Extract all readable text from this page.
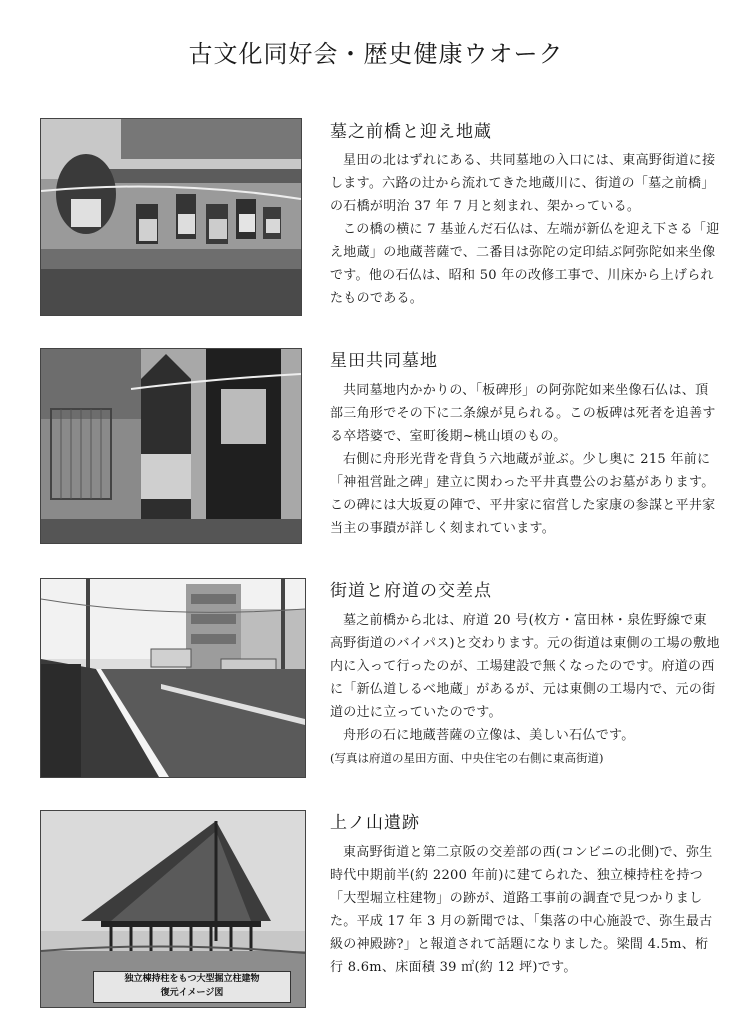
古文化同好会・歴史健康ウオーク
墓之前橋と迎え地蔵

星田の北はずれにある、共同墓地の入口には、東高野街道に接します。六路の辻から流れてきた地蔵川に、街道の「墓之前橋」の石橋が明治 37 年 7 月と刻まれ、架かっている。

この橋の横に 7 基並んだ石仏は、左端が新仏を迎え下さる「迎え地蔵」の地蔵菩薩で、二番目は弥陀の定印結ぶ阿弥陀如来坐像です。他の石仏は、昭和 50 年の改修工事で、川床から上げられたものである。

星田共同墓地

共同墓地内かかりの、「板碑形」の阿弥陀如来坐像石仏は、頂部三角形でその下に二条線が見られる。この板碑は死者を追善する卒塔婆で、室町後期~桃山頃のもの。

右側に舟形光背を背負う六地蔵が並ぶ。少し奥に 215 年前に「神祖営趾之碑」建立に関わった平井真豊公のお墓があります。この碑には大坂夏の陣で、平井家に宿営した家康の参謀と平井家当主の事蹟が詳しく刻まれています。

街道と府道の交差点

墓之前橋から北は、府道 20 号(枚方・富田林・泉佐野線で東高野街道のバイパス)と交わります。元の街道は東側の工場の敷地内に入って行ったのが、工場建設で無くなったのです。府道の西に「新仏道しるべ地蔵」があるが、元は東側の工場内で、元の街道の辻に立っていたのです。

舟形の石に地蔵菩薩の立像は、美しい石仏です。

(写真は府道の星田方面、中央住宅の右側に東高街道)

独立棟持柱をもつ大型掘立柱建物
復元イメージ図
上ノ山遺跡

東高野街道と第二京阪の交差部の西(コンビニの北側)で、弥生時代中期前半(約 2200 年前)に建てられた、独立棟持柱を持つ「大型堀立柱建物」の跡が、道路工事前の調査で見つかりました。平成 17 年 3 月の新聞では、「集落の中心施設で、弥生最古級の神殿跡?」と報道されて話題になりました。梁間 4.5m、桁行 8.6m、床面積 39 ㎡(約 12 坪)です。
